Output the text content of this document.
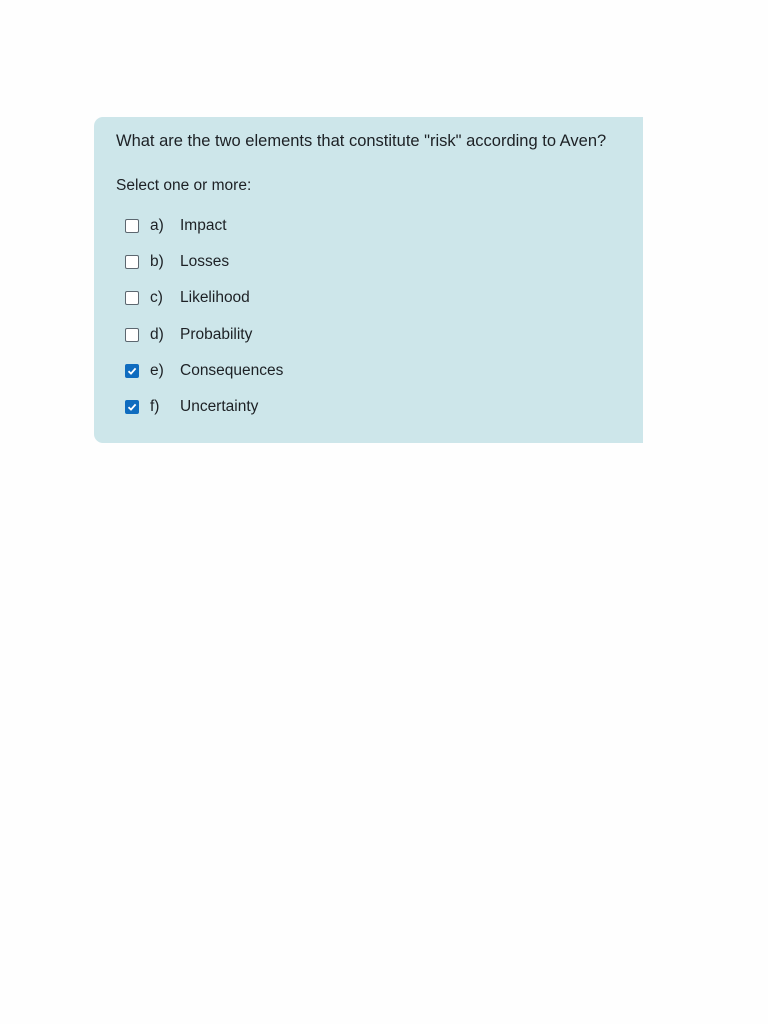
What are the two elements that constitute "risk" according to Aven?
Select one or more:
a)	Impact
b)	Losses
c)	Likelihood
d)	Probability
e)	Consequences
f)	Uncertainty
